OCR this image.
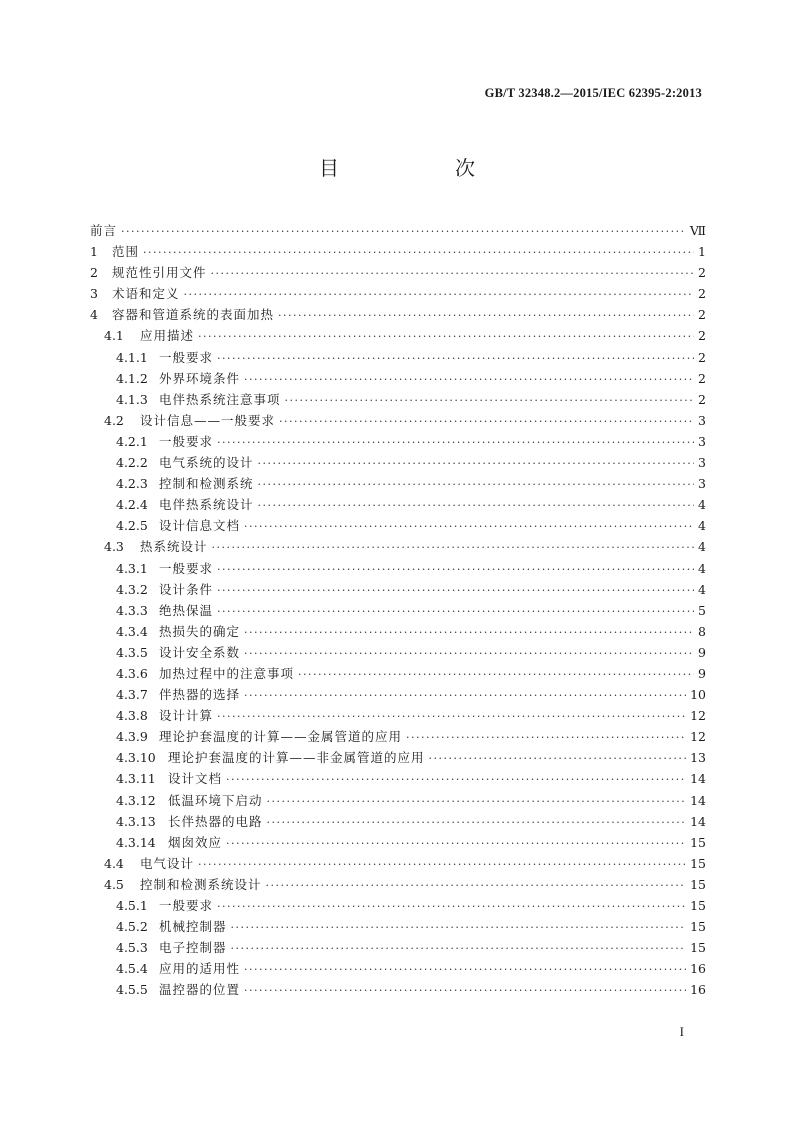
GB/T 32348.2—2015/IEC 62395-2:2013
目　次
前言 ·····	Ⅶ
1	范围 ·····	1
2	规范性引用文件 ·····	2
3	术语和定义 ·····	2
4	容器和管道系统的表面加热 ·····	2
4.1	应用描述 ·····	2
4.1.1 一般要求 ·····	2
4.1.2 外界环境条件 ·····	2
4.1.3 电伴热系统注意事项 ·····	2
4.2	设计信息——一般要求 ·····	3
4.2.1 一般要求 ·····	3
4.2.2 电气系统的设计 ·····	3
4.2.3 控制和检测系统 ·····	3
4.2.4 电伴热系统设计 ·····	4
4.2.5 设计信息文档 ·····	4
4.3	热系统设计 ·····	4
4.3.1 一般要求 ·····	4
4.3.2 设计条件 ·····	4
4.3.3 绝热保温 ·····	5
4.3.4 热损失的确定 ·····	8
4.3.5 设计安全系数 ·····	9
4.3.6 加热过程中的注意事项 ·····	9
4.3.7 伴热器的选择 ·····	10
4.3.8 设计计算 ·····	12
4.3.9 理论护套温度的计算——金属管道的应用 ·····	12
4.3.10 理论护套温度的计算——非金属管道的应用 ·····	13
4.3.11 设计文档 ·····	14
4.3.12 低温环境下启动 ·····	14
4.3.13 长伴热器的电路 ·····	14
4.3.14 烟囱效应 ·····	15
4.4	电气设计 ·····	15
4.5	控制和检测系统设计 ·····	15
4.5.1 一般要求 ·····	15
4.5.2 机械控制器 ·····	15
4.5.3 电子控制器 ·····	15
4.5.4 应用的适用性 ·····	16
4.5.5 温控器的位置 ·····	16
I
